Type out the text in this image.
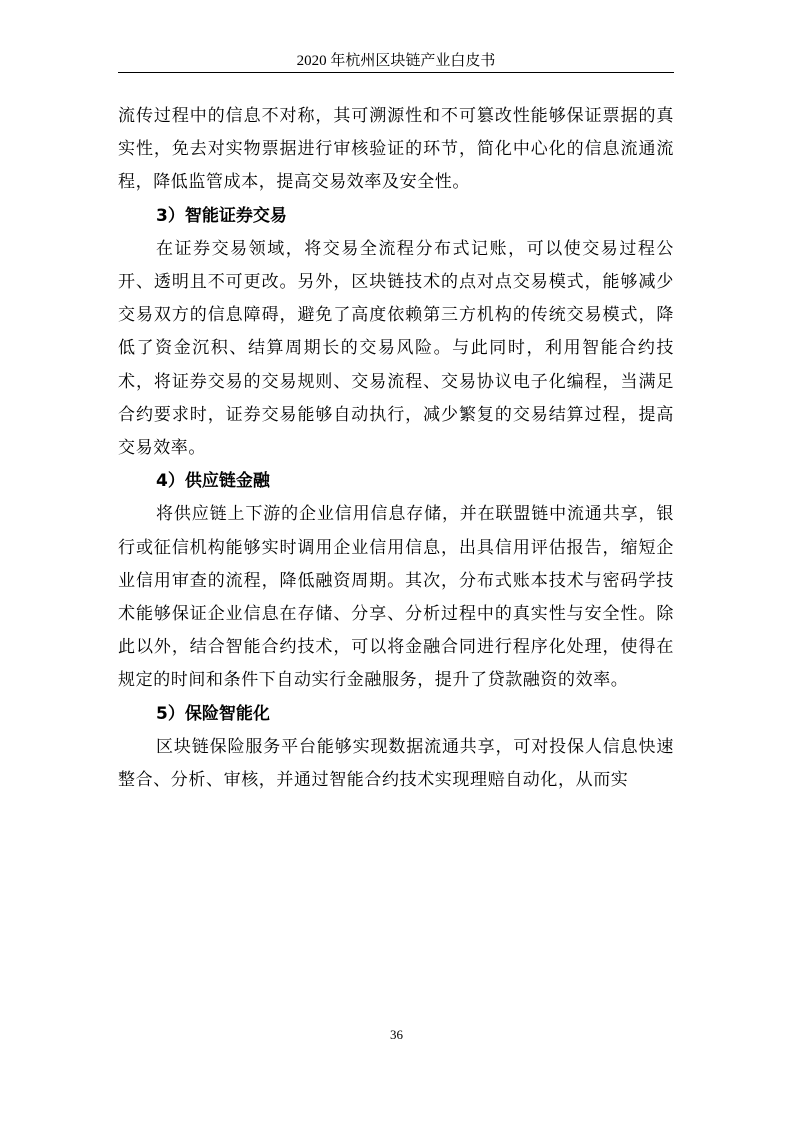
2020 年杭州区块链产业白皮书

流传过程中的信息不对称，其可溯源性和不可篡改性能够保证票据的真实性，免去对实物票据进行审核验证的环节，简化中心化的信息流通流程，降低监管成本，提高交易效率及安全性。

3）智能证券交易

在证券交易领域，将交易全流程分布式记账，可以使交易过程公开、透明且不可更改。另外，区块链技术的点对点交易模式，能够减少交易双方的信息障碍，避免了高度依赖第三方机构的传统交易模式，降低了资金沉积、结算周期长的交易风险。与此同时，利用智能合约技术，将证券交易的交易规则、交易流程、交易协议电子化编程，当满足合约要求时，证券交易能够自动执行，减少繁复的交易结算过程，提高交易效率。

4）供应链金融

将供应链上下游的企业信用信息存储，并在联盟链中流通共享，银行或征信机构能够实时调用企业信用信息，出具信用评估报告，缩短企业信用审查的流程，降低融资周期。其次，分布式账本技术与密码学技术能够保证企业信息在存储、分享、分析过程中的真实性与安全性。除此以外，结合智能合约技术，可以将金融合同进行程序化处理，使得在规定的时间和条件下自动实行金融服务，提升了贷款融资的效率。

5）保险智能化

区块链保险服务平台能够实现数据流通共享，可对投保人信息快速整合、分析、审核，并通过智能合约技术实现理赔自动化，从而实

36
